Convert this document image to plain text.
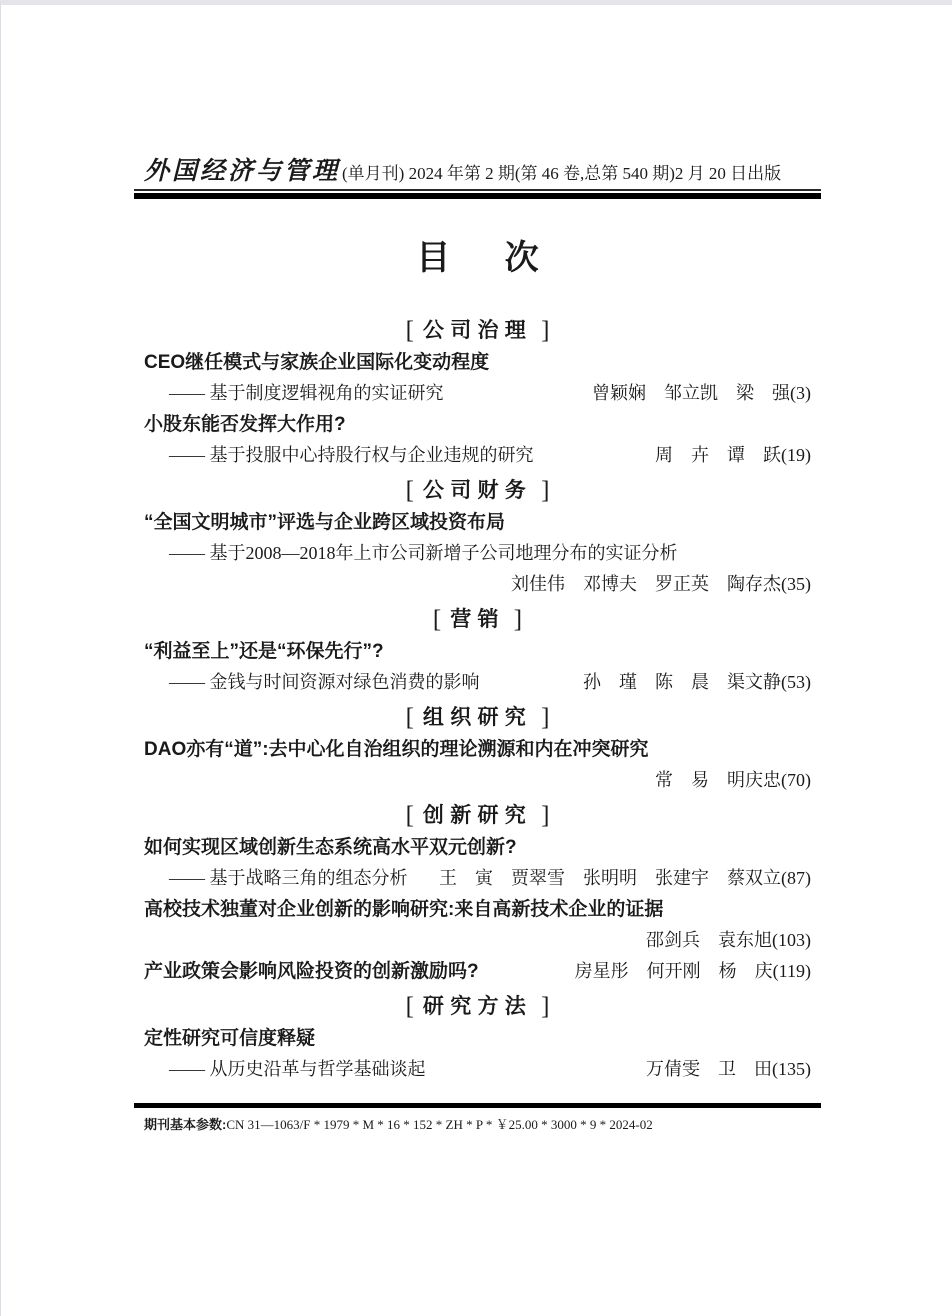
外国经济与管理 (单月刊) 2024 年第 2 期(第 46 卷,总第 540 期)2 月 20 日出版
目　次
[ 公司治理 ]
CEO继任模式与家族企业国际化变动程度
—— 基于制度逻辑视角的实证研究	曾颖娴　邹立凯　梁　强(3)
小股东能否发挥大作用?
—— 基于投服中心持股行权与企业违规的研究	周　卉　谭　跃(19)
[ 公司财务 ]
“全国文明城市”评选与企业跨区域投资布局
—— 基于2008—2018年上市公司新增子公司地理分布的实证分析
刘佳伟　邓博夫　罗正英　陶存杰(35)
[ 营销 ]
“利益至上”还是“环保先行”?
—— 金钱与时间资源对绿色消费的影响	孙　瑾　陈　晨　渠文静(53)
[ 组织研究 ]
DAO亦有“道”:去中心化自治组织的理论溯源和内在冲突研究
常　易　明庆忠(70)
[ 创新研究 ]
如何实现区域创新生态系统高水平双元创新?
—— 基于战略三角的组态分析 王　寅　贾翠雪　张明明　张建宇　蔡双立(87)
高校技术独董对企业创新的影响研究:来自高新技术企业的证据
邵剑兵　袁东旭(103)
产业政策会影响风险投资的创新激励吗?	房星彤　何开刚　杨　庆(119)
[ 研究方法 ]
定性研究可信度释疑
—— 从历史沿革与哲学基础谈起	万倩雯　卫　田(135)
期刊基本参数:CN 31—1063/F * 1979 * M * 16 * 152 * ZH * P * ￥25.00 * 3000 * 9 * 2024-02
